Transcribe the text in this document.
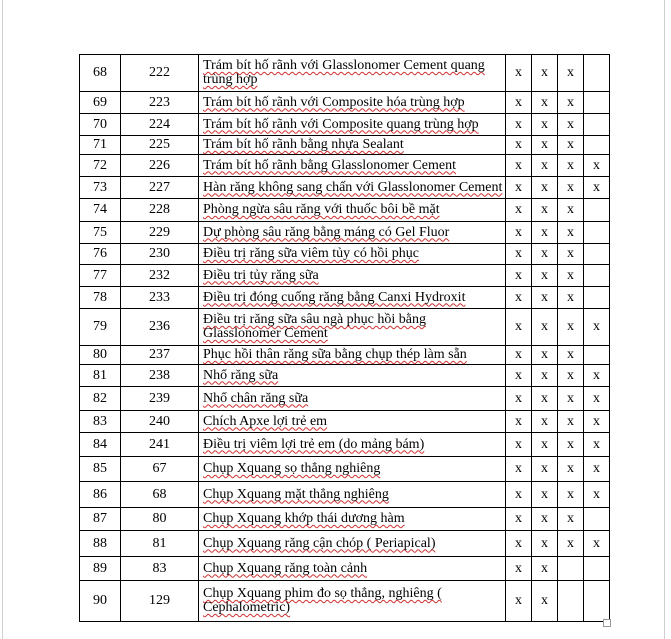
68	222	Trám bít hố rãnh với Glasslonomer Cement quang trùng hợp	x	x	x	
69	223	Trám bít hố rãnh với Composite hóa trùng hợp	x	x	x	
70	224	Trám bít hố rãnh với Composite quang trùng hợp	x	x	x	
71	225	Trám bít hố rãnh bằng nhựa Sealant	x	x	x	
72	226	Trám bít hố rãnh bằng Glasslonomer Cement	x	x	x	x
73	227	Hàn răng không sang chấn với Glasslonomer Cement	x	x	x	x
74	228	Phòng ngừa sâu răng với thuốc bôi bề mặt	x	x	x	
75	229	Dự phòng sâu răng bằng máng có Gel Fluor	x	x	x	
76	230	Điều trị răng sữa viêm tủy có hồi phục	x	x	x	
77	232	Điều trị tủy răng sữa	x	x	x	
78	233	Điều trị đóng cuống răng bằng Canxi Hydroxit	x	x	x	
79	236	Điều trị răng sữa sâu ngà phục hồi bằng Glasslonomer Cement	x	x	x	x
80	237	Phục hồi thân răng sữa bằng chụp thép làm sẵn	x	x	x	
81	238	Nhổ răng sữa	x	x	x	x
82	239	Nhổ chân răng sữa	x	x	x	x
83	240	Chích Apxe lợi trẻ em	x	x	x	x
84	241	Điều trị viêm lợi trẻ em (do mảng bám)	x	x	x	x
85	67	Chụp Xquang sọ thẳng nghiêng	x	x	x	x
86	68	Chụp Xquang mặt thẳng nghiêng	x	x	x	x
87	80	Chụp Xquang khớp thái dương hàm	x	x	x	
88	81	Chụp Xquang răng cận chóp ( Periapical)	x	x	x	x
89	83	Chụp Xquang răng toàn cảnh	x	x		
90	129	Chụp Xquang phim đo sọ thẳng, nghiêng ( Cephalometric)	x	x		
